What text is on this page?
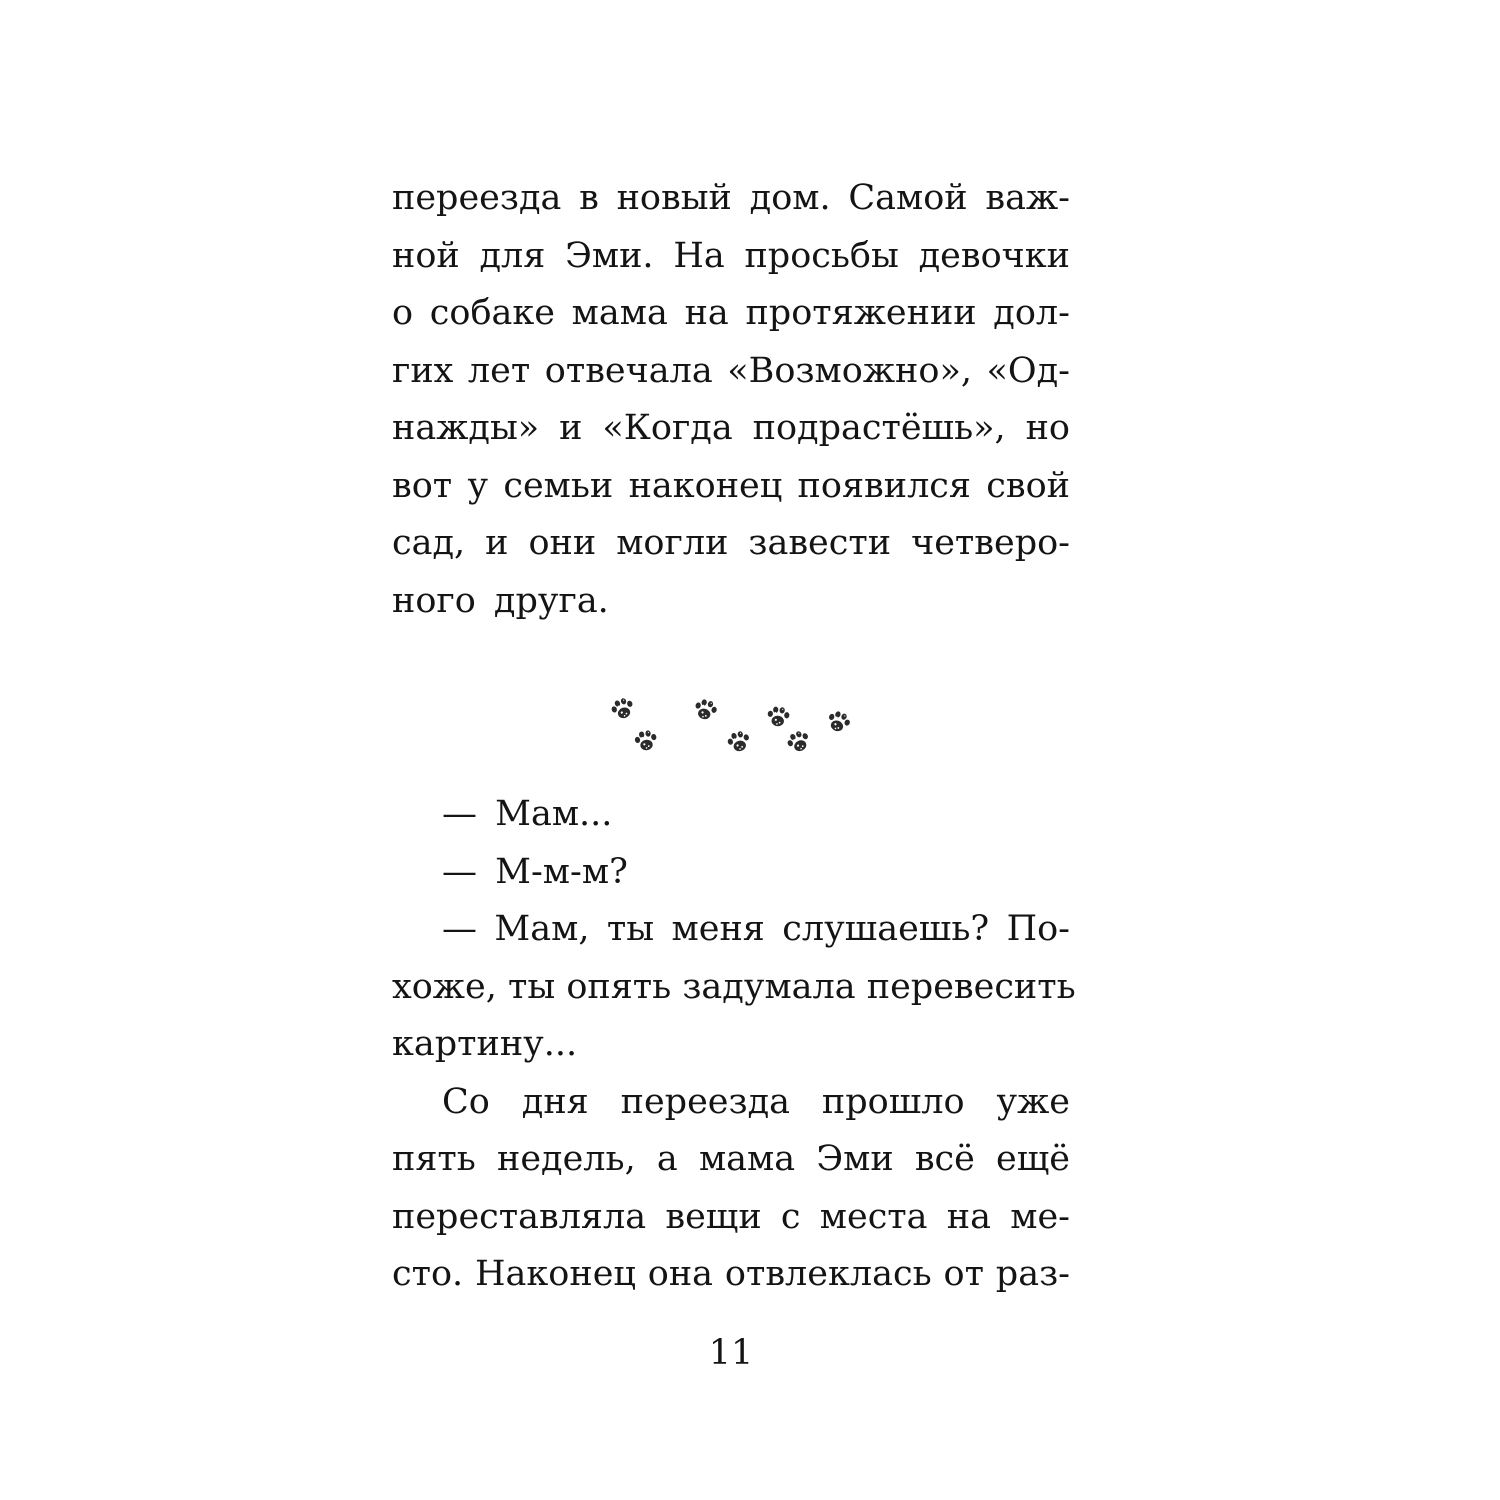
переезда в новый дом. Самой важ-
ной для Эми. На просьбы девочки
о собаке мама на протяжении дол-
гих лет отвечала «Возможно», «Од-
нажды» и «Когда подрастёшь», но
вот у семьи наконец появился свой
сад, и они могли завести четверо-
ного друга.
— Мам...
— М-м-м?
— Мам, ты меня слушаешь? По-
хоже, ты опять задумала перевесить
картину...
Со дня переезда прошло уже
пять недель, а мама Эми всё ещё
переставляла вещи с места на ме-
сто. Наконец она отвлеклась от раз-
11
